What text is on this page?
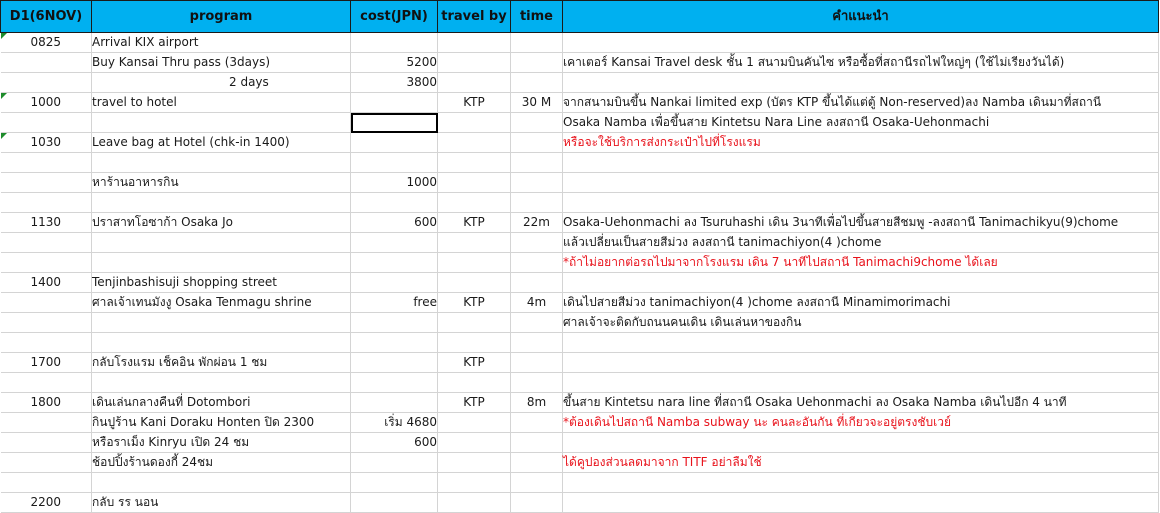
D1(6NOV)	program	cost(JPN)	travel by	time	คำแนะนำ
0825	Arrival KIX airport				
	Buy Kansai Thru pass (3days)	5200			เคาเตอร์ Kansai Travel desk ชั้น 1 สนามบินคันไซ หรือซื้อที่สถานีรถไฟใหญ่ๆ (ใช้ไม่เรียงวันได้)
	2 days	3800			
1000	travel to hotel		KTP	30 M	จากสนามบินขึ้น Nankai limited exp (บัตร KTP ขึ้นได้แต่ตู้ Non-reserved)ลง Namba เดินมาที่สถานี
					Osaka Namba เพื่อขึ้นสาย Kintetsu Nara Line ลงสถานี Osaka-Uehonmachi
1030	Leave bag at Hotel (chk-in 1400)				หรือจะใช้บริการส่งกระเป๋าไปที่โรงแรม

	หาร้านอาหารกิน	1000			

1130	ปราสาทโอซาก้า Osaka Jo	600	KTP	22m	Osaka-Uehonmachi ลง Tsuruhashi เดิน 3นาทีเพื่อไปขึ้นสายสีชมพู -ลงสถานี Tanimachikyu(9)chome
					แล้วเปลี่ยนเป็นสายสีม่วง ลงสถานี tanimachiyon(4 )chome
					*ถ้าไม่อยากต่อรถไปมาจากโรงแรม เดิน 7 นาทีไปสถานี Tanimachi9chome ได้เลย
1400	Tenjinbashisuji shopping street				
	ศาลเจ้าเทนมังงู Osaka Tenmagu shrine	free	KTP	4m	เดินไปสายสีม่วง tanimachiyon(4 )chome ลงสถานี Minamimorimachi
					ศาลเจ้าจะติดกับถนนคนเดิน เดินเล่นหาของกิน

1700	กลับโรงแรม เช็คอิน พักผ่อน 1 ชม		KTP		

1800	เดินเล่นกลางคืนที่ Dotombori		KTP	8m	ขึ้นสาย Kintetsu nara line ที่สถานี Osaka Uehonmachi ลง Osaka Namba เดินไปอีก 4 นาที
	กินปูร้าน Kani Doraku Honten ปิด 2300	เริ่ม 4680			*ต้องเดินไปสถานี Namba subway นะ คนละอันกัน ที่เกียวจะอยู่ตรงชับเวย์
	หรือราเม็ง Kinryu เปิด 24 ชม	600			
	ช้อปปิ้งร้านดองกี้ 24ชม				ได้คูปองส่วนลดมาจาก TITF อย่าลืมใช้

2200	กลับ รร นอน				
